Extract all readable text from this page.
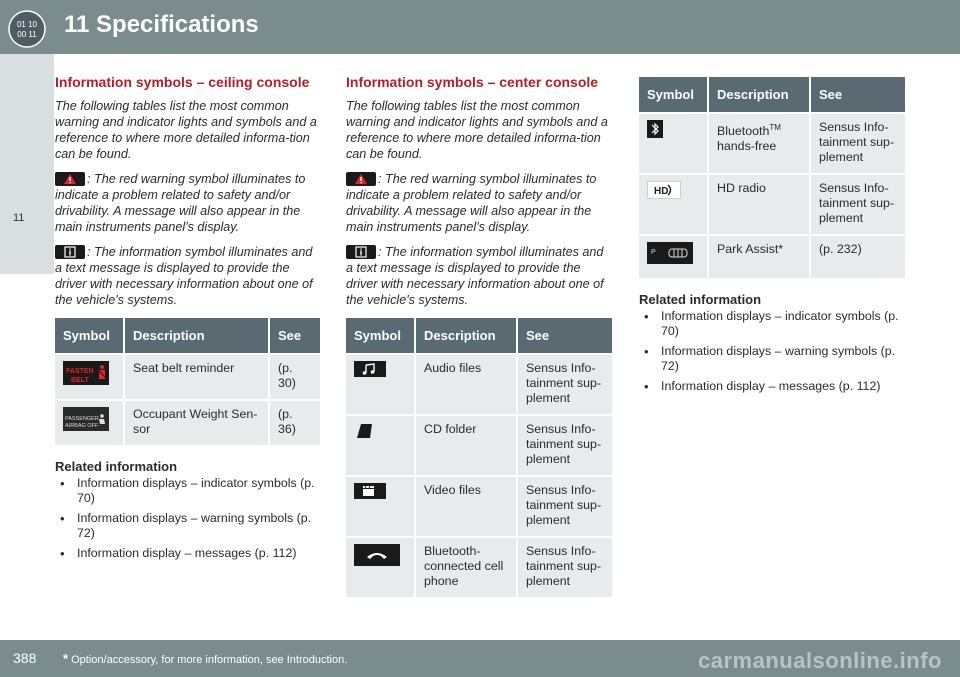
01 10
00 11 11 Specifications
11
Information symbols – ceiling console

The following tables list the most common warning and indicator lights and symbols and a reference to where more detailed informa-tion can be found.

: The red warning symbol illuminates to indicate a problem related to safety and/or drivability. A message will also appear in the main instruments panel's display.

: The information symbol illuminates and a text message is displayed to provide the driver with necessary information about one of the vehicle's systems.

Symbol	Description	See

FASTEN
BELT	Seat belt reminder	(p. 30)

PASSENGER
AIRBAG OFF	Occupant Weight Sen-sor	(p. 36)
Related information
• Information displays – indicator symbols (p. 70)
• Information displays – warning symbols (p. 72)
• Information display – messages (p. 112)
Information symbols – center console

The following tables list the most common warning and indicator lights and symbols and a reference to where more detailed informa-tion can be found.

: The red warning symbol illuminates to indicate a problem related to safety and/or drivability. A message will also appear in the main instruments panel's display.

: The information symbol illuminates and a text message is displayed to provide the driver with necessary information about one of the vehicle's systems.

Symbol	Description	See
	Audio files	Sensus Info-tainment sup-plement
	CD folder	Sensus Info-tainment sup-plement
	Video files	Sensus Info-tainment sup-plement
	Bluetooth-connected cell phone	Sensus Info-tainment sup-plement
Symbol	Description	See
	Bluetooth™
hands-free	Sensus Info-tainment sup-plement

HD	HD radio	Sensus Info-tainment sup-plement

P	Park Assist*	(p. 232)
Related information
• Information displays – indicator symbols (p. 70)
• Information displays – warning symbols (p. 72)
• Information display – messages (p. 112)
388 * Option/accessory, for more information, see Introduction.	carmanualsonline.info
